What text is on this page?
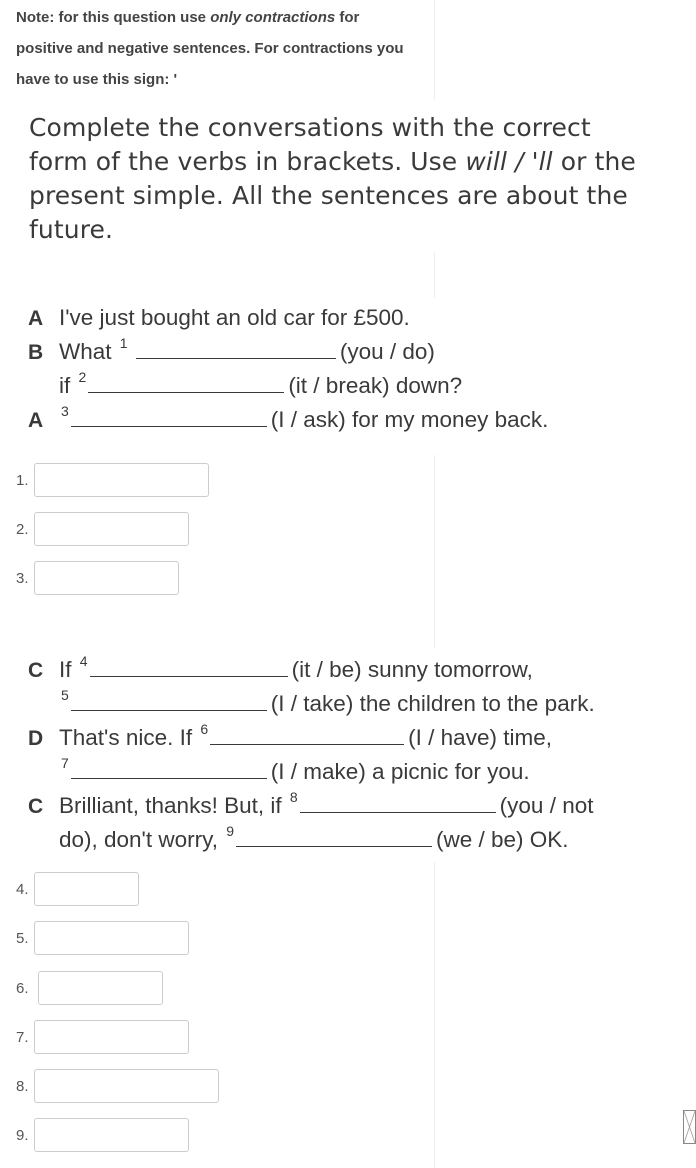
Note: for this question use only contractions for positive and negative sentences. For contractions you have to use this sign: '
Complete the conversations with the correct form of the verbs in brackets. Use will / 'll or the present simple. All the sentences are about the future.
A I've just bought an old car for £500.
B What $^1$	(you / do)
if $^2$	(it / break) down?
A $^3$	(I / ask) for my money back.
1.
2.
3.
C If $^4$	(it / be) sunny tomorrow,
$^5$	(I / take) the children to the park.
D That's nice. If $^6$	(I / have) time,
$^7$	(I / make) a picnic for you.
C Brilliant, thanks! But, if $^8$	(you / not
do), don't worry, $^9$	(we / be) OK.
4.
5.
6.
7.
8.
9.
